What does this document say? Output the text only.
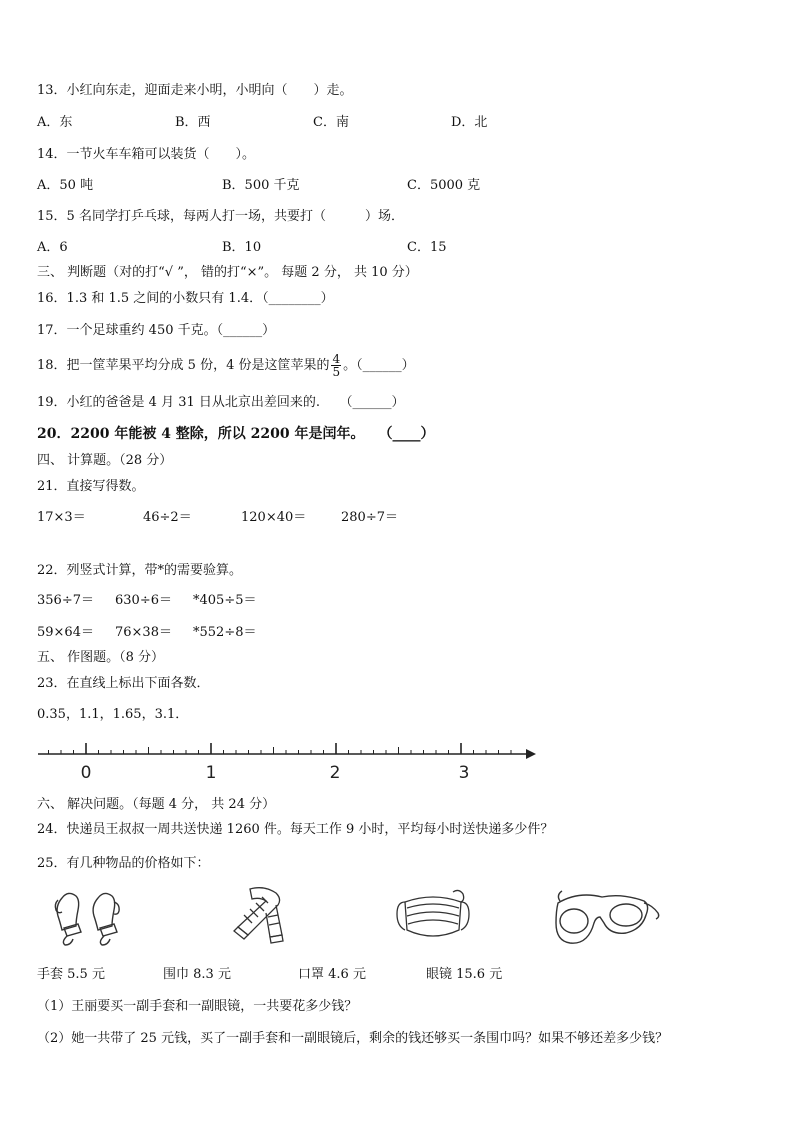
13．小红向东走，迎面走来小明，小明向（　　）走。
A．东	B．西	C．南	D．北
14．一节火车车箱可以装货（　　）。
A．50 吨	B．500 千克	C．5000 克
15．5 名同学打乒乓球，每两人打一场，共要打（　　　）场．
A．6	B．10	C．15
三、 判断题（对的打“√ ”， 错的打“×”。 每题 2 分， 共 10 分）
16．1.3 和 1.5 之间的小数只有 1.4．（________）
17．一个足球重约 450 千克。（______）
18．把一筐苹果平均分成 5 份，4 份是这筐苹果的 $\frac{4}{5}$ 。（______）
19．小红的爸爸是 4 月 31 日从北京出差回来的.　　（______）
20．2200 年能被 4 整除，所以 2200 年是闰年。　　（____）
四、 计算题。（28 分）
21．直接写得数。
17×3＝	46÷2＝	120×40＝	280÷7＝
22．列竖式计算，带*的需要验算。
356÷7＝ 630÷6＝ *405÷5＝
59×64＝ 76×38＝ *552÷8＝
五、 作图题。（8 分）
23．在直线上标出下面各数．
0.35，1.1，1.65，3.1．
0	1	2	3
六、 解决问题。（每题 4 分， 共 24 分）
24．快递员王叔叔一周共送快递 1260 件。每天工作 9 小时，平均每小时送快递多少件？
25．有几种物品的价格如下：
手套 5.5 元	围巾 8.3 元	口罩 4.6 元	眼镜 15.6 元
（1）王丽要买一副手套和一副眼镜，一共要花多少钱？
（2）她一共带了 25 元钱，买了一副手套和一副眼镜后，剩余的钱还够买一条围巾吗？如果不够还差多少钱？
